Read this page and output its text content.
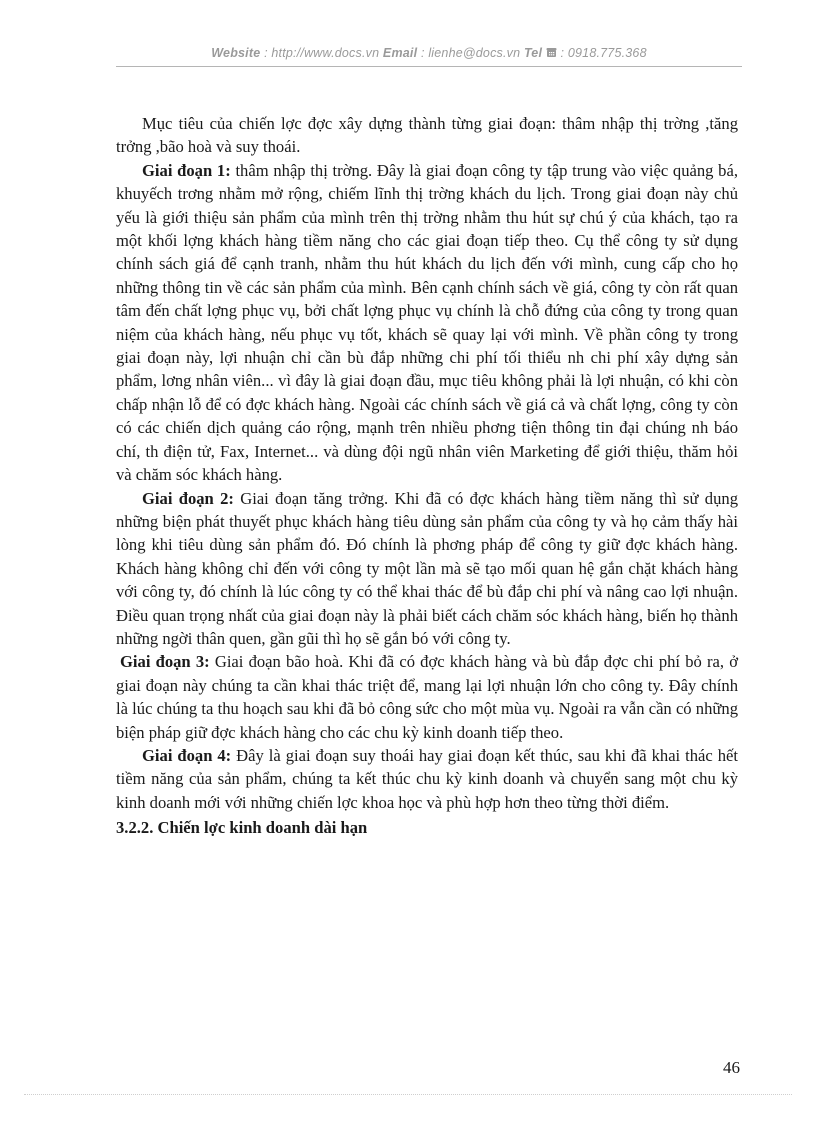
Website : http://www.docs.vn Email : lienhe@docs.vn Tel : 0918.775.368

Mục tiêu của chiến lợc đợc xây dựng thành từng giai đoạn: thâm nhập thị trờng ,tăng trởng ,bão hoà và suy thoái.

Giai đoạn 1: thâm nhập thị trờng. Đây là giai đoạn công ty tập trung vào việc quảng bá, khuyếch trơng nhằm mở rộng, chiếm lĩnh thị trờng khách du lịch. Trong giai đoạn này chủ yếu là giới thiệu sản phẩm của mình trên thị trờng nhằm thu hút sự chú ý của khách, tạo ra một khối lợng khách hàng tiềm năng cho các giai đoạn tiếp theo. Cụ thể công ty sử dụng chính sách giá để cạnh tranh, nhằm thu hút khách du lịch đến với mình, cung cấp cho họ những thông tin về các sản phẩm của mình. Bên cạnh chính sách về giá, công ty còn rất quan tâm đến chất lợng phục vụ, bởi chất lợng phục vụ chính là chỗ đứng của công ty trong quan niệm của khách hàng, nếu phục vụ tốt, khách sẽ quay lại với mình. Về phần công ty trong giai đoạn này, lợi nhuận chỉ cần bù đắp những chi phí tối thiểu nh chi phí xây dựng sản phẩm, lơng nhân viên... vì đây là giai đoạn đầu, mục tiêu không phải là lợi nhuận, có khi còn chấp nhận lỗ để có đợc khách hàng. Ngoài các chính sách về giá cả và chất lợng, công ty còn có các chiến dịch quảng cáo rộng, mạnh trên nhiều phơng tiện thông tin đại chúng nh báo chí, th điện tử, Fax, Internet... và dùng đội ngũ nhân viên Marketing để giới thiệu, thăm hỏi và chăm sóc khách hàng.

Giai đoạn 2: Giai đoạn tăng trởng. Khi đã có đợc khách hàng tiềm năng thì sử dụng những biện phát thuyết phục khách hàng tiêu dùng sản phẩm của công ty và họ cảm thấy hài lòng khi tiêu dùng sản phẩm đó. Đó chính là phơng pháp để công ty giữ đợc khách hàng. Khách hàng không chỉ đến với công ty một lần mà sẽ tạo mối quan hệ gắn chặt khách hàng với công ty, đó chính là lúc công ty có thể khai thác để bù đắp chi phí và nâng cao lợi nhuận. Điều quan trọng nhất của giai đoạn này là phải biết cách chăm sóc khách hàng, biến họ thành những ngời thân quen, gần gũi thì họ sẽ gắn bó với công ty.

Giai đoạn 3: Giai đoạn bão hoà. Khi đã có đợc khách hàng và bù đắp đợc chi phí bỏ ra, ở giai đoạn này chúng ta cần khai thác triệt để, mang lại lợi nhuận lớn cho công ty. Đây chính là lúc chúng ta thu hoạch sau khi đã bỏ công sức cho một mùa vụ. Ngoài ra vẫn cần có những biện pháp giữ đợc khách hàng cho các chu kỳ kinh doanh tiếp theo.

Giai đoạn 4: Đây là giai đoạn suy thoái hay giai đoạn kết thúc, sau khi đã khai thác hết tiềm năng của sản phẩm, chúng ta kết thúc chu kỳ kinh doanh và chuyển sang một chu kỳ kinh doanh mới với những chiến lợc khoa học và phù hợp hơn theo từng thời điểm.

3.2.2. Chiến lợc kinh doanh dài hạn

46
